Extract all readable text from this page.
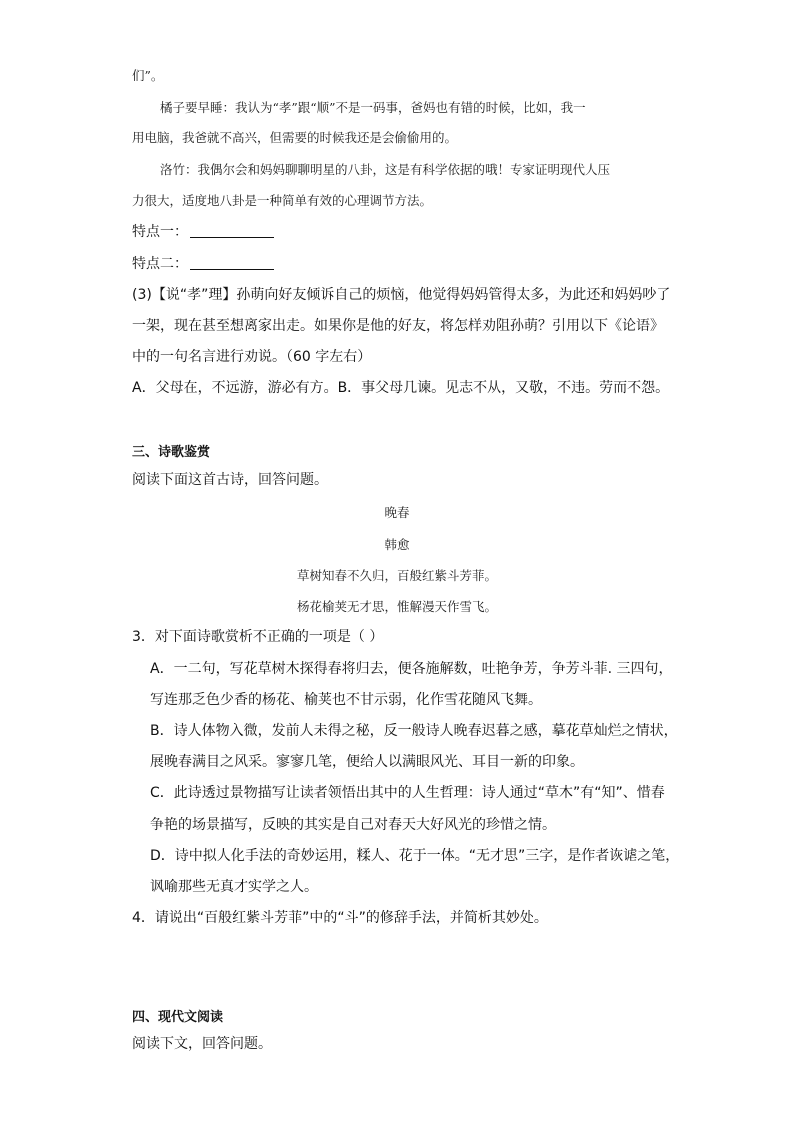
们”。
橘子要早睡：我认为“孝”跟“顺”不是一码事，爸妈也有错的时候，比如，我一
用电脑，我爸就不高兴，但需要的时候我还是会偷偷用的。
洛竹：我偶尔会和妈妈聊聊明星的八卦，这是有科学依据的哦！专家证明现代人压
力很大，适度地八卦是一种简单有效的心理调节方法。
特点一：
特点二：
(3)【说“孝”理】孙萌向好友倾诉自己的烦恼，他觉得妈妈管得太多，为此还和妈妈吵了
一架，现在甚至想离家出走。如果你是他的好友，将怎样劝阻孙萌？引用以下《论语》
中的一句名言进行劝说。（60 字左右）
A．父母在，不远游，游必有方。B．事父母几谏。见志不从，又敬，不违。劳而不怨。
三、诗歌鉴赏
阅读下面这首古诗，回答问题。
晚春
韩愈
草树知春不久归，百般红紫斗芳菲。
杨花榆荚无才思，惟解漫天作雪飞。
3．对下面诗歌赏析不正确的一项是（ ）
A．一二句，写花草树木探得春将归去，便各施解数，吐艳争芳，争芳斗菲. 三四句，
写连那乏色少香的杨花、榆荚也不甘示弱，化作雪花随风飞舞。
B．诗人体物入微，发前人未得之秘，反一般诗人晚春迟暮之感，摹花草灿烂之情状，
展晚春满目之风采。寥寥几笔，便给人以满眼风光、耳目一新的印象。
C．此诗透过景物描写让读者领悟出其中的人生哲理：诗人通过“草木”有“知”、惜春
争艳的场景描写，反映的其实是自己对春天大好风光的珍惜之情。
D．诗中拟人化手法的奇妙运用，糅人、花于一体。“无才思”三字，是作者诙谑之笔，
讽喻那些无真才实学之人。
4．请说出“百般红紫斗芳菲”中的“斗”的修辞手法，并简析其妙处。
四、现代文阅读
阅读下文，回答问题。
